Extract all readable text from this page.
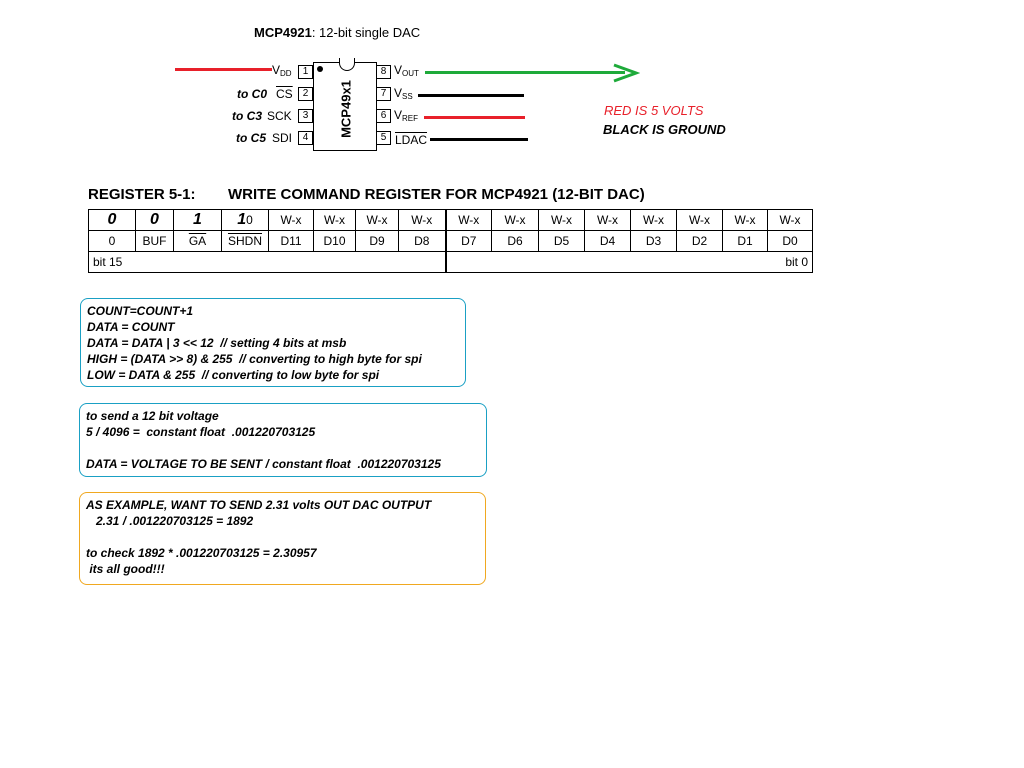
MCP4921: 12-bit single DAC
MCP49x1
1
2
3
4
$V_{DD}$
$\overline{CS}$
SCK
SDI
to C0
to C3
to C5
8
7
6
5
$V_{OUT}$
$V_{SS}$
$V_{REF}$
LDAC
RED IS 5 VOLTS
BLACK IS GROUND
REGISTER 5-1: WRITE COMMAND REGISTER FOR MCP4921 (12-BIT DAC)
0	0	1	10	W-x	W-x	W-x	W-x	W-x	W-x	W-x	W-x	W-x	W-x	W-x	W-x
0	BUF	$\overline{GA}$	SHDN	D11	D10	D9	D8	D7	D6	D5	D4	D3	D2	D1	D0
bit 15								bit 0							
COUNT=COUNT+1
DATA = COUNT
DATA = DATA | 3 << 12  // setting 4 bits at msb
HIGH = (DATA >> 8) & 255  // converting to high byte for spi
LOW = DATA & 255  // converting to low byte for spi
to send a 12 bit voltage
5 / 4096 =  constant float  .001220703125
DATA = VOLTAGE TO BE SENT / constant float  .001220703125
AS EXAMPLE, WANT TO SEND 2.31 volts OUT DAC OUTPUT
2.31 / .001220703125 = 1892
to check 1892 * .001220703125 = 2.30957
its all good!!!
